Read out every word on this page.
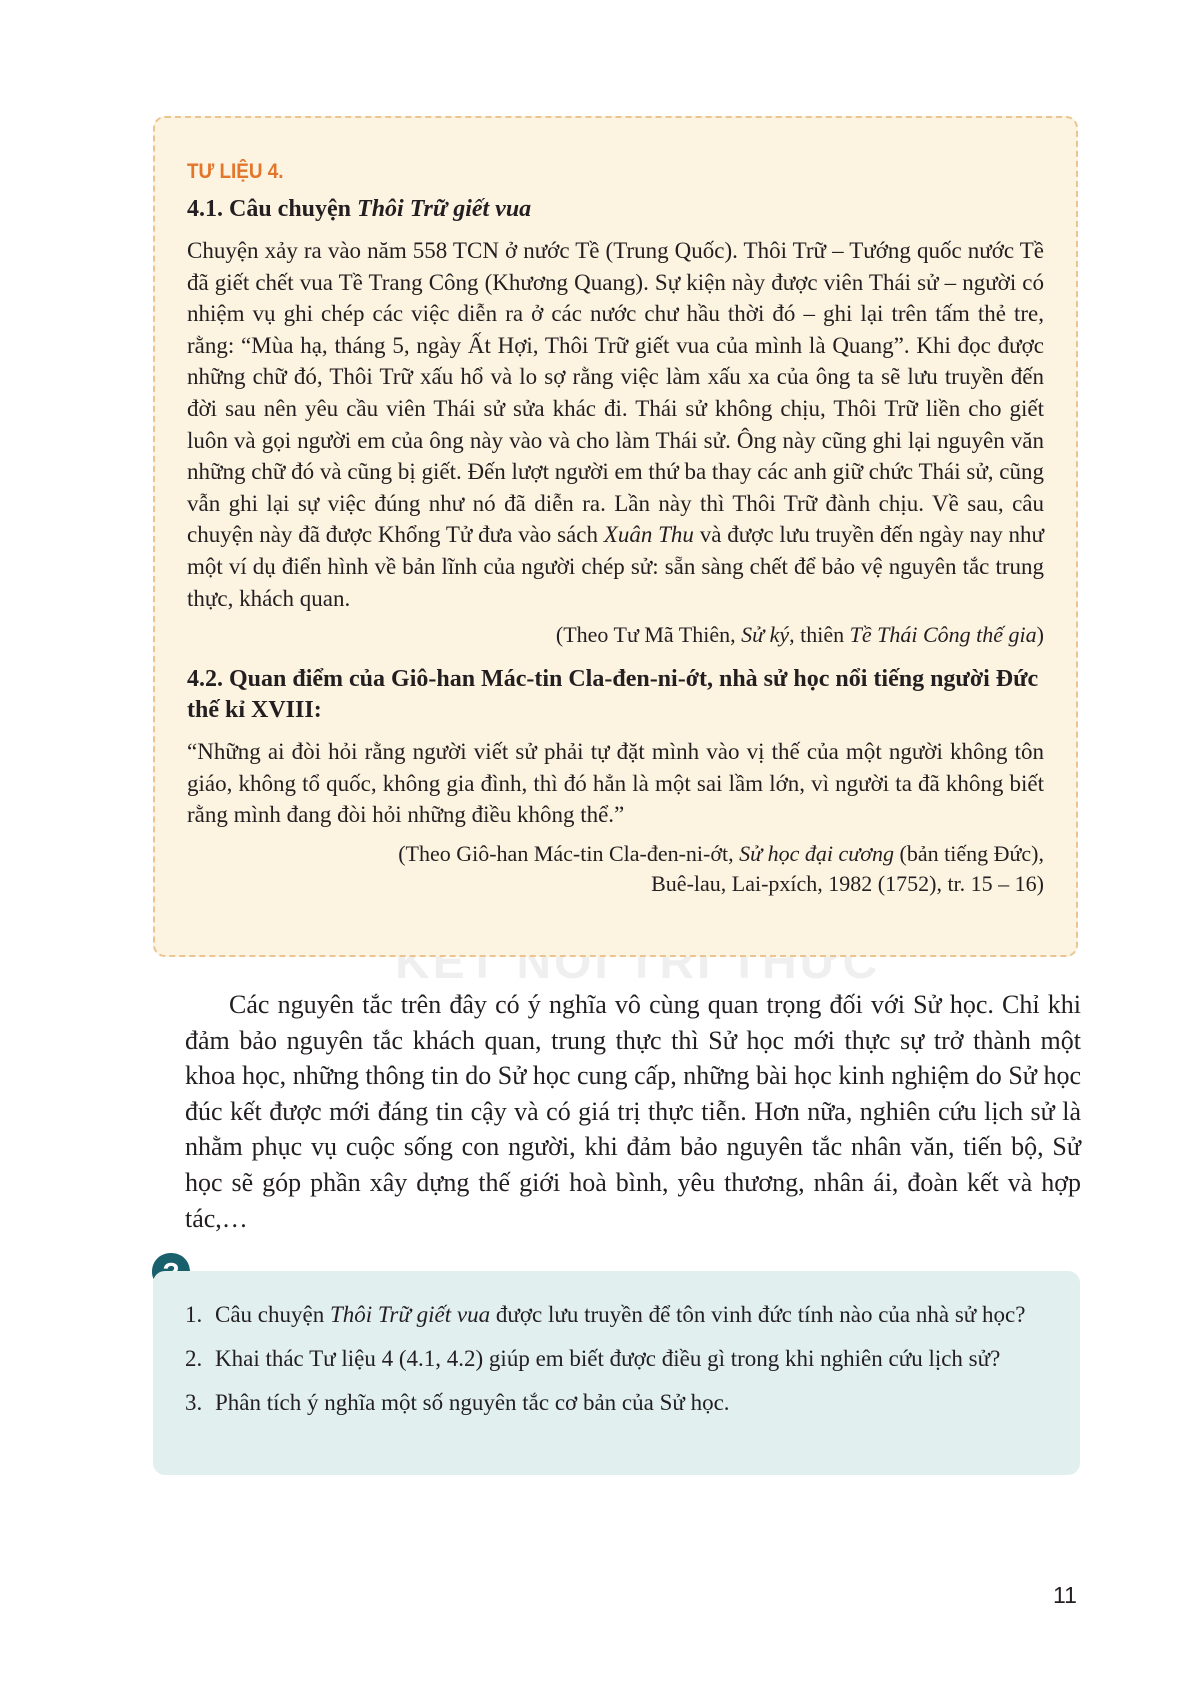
KẾT NỐI TRI THỨC
TƯ LIỆU 4.

4.1. Câu chuyện Thôi Trữ giết vua

Chuyện xảy ra vào năm 558 TCN ở nước Tề (Trung Quốc). Thôi Trữ – Tướng quốc nước Tề đã giết chết vua Tề Trang Công (Khương Quang). Sự kiện này được viên Thái sử – người có nhiệm vụ ghi chép các việc diễn ra ở các nước chư hầu thời đó – ghi lại trên tấm thẻ tre, rằng: “Mùa hạ, tháng 5, ngày Ất Hợi, Thôi Trữ giết vua của mình là Quang”. Khi đọc được những chữ đó, Thôi Trữ xấu hổ và lo sợ rằng việc làm xấu xa của ông ta sẽ lưu truyền đến đời sau nên yêu cầu viên Thái sử sửa khác đi. Thái sử không chịu, Thôi Trữ liền cho giết luôn và gọi người em của ông này vào và cho làm Thái sử. Ông này cũng ghi lại nguyên văn những chữ đó và cũng bị giết. Đến lượt người em thứ ba thay các anh giữ chức Thái sử, cũng vẫn ghi lại sự việc đúng như nó đã diễn ra. Lần này thì Thôi Trữ đành chịu. Về sau, câu chuyện này đã được Khổng Tử đưa vào sách Xuân Thu và được lưu truyền đến ngày nay như một ví dụ điển hình về bản lĩnh của người chép sử: sẵn sàng chết để bảo vệ nguyên tắc trung thực, khách quan.

(Theo Tư Mã Thiên, Sử ký, thiên Tề Thái Công thế gia)

4.2. Quan điểm của Giô-han Mác-tin Cla-đen-ni-ớt, nhà sử học nổi tiếng người Đức thế kỉ XVIII:

“Những ai đòi hỏi rằng người viết sử phải tự đặt mình vào vị thế của một người không tôn giáo, không tổ quốc, không gia đình, thì đó hẳn là một sai lầm lớn, vì người ta đã không biết rằng mình đang đòi hỏi những điều không thể.”

(Theo Giô-han Mác-tin Cla-đen-ni-ớt, Sử học đại cương (bản tiếng Đức),
Buê-lau, Lai-pxích, 1982 (1752), tr. 15 – 16)

Các nguyên tắc trên đây có ý nghĩa vô cùng quan trọng đối với Sử học. Chỉ khi đảm bảo nguyên tắc khách quan, trung thực thì Sử học mới thực sự trở thành một khoa học, những thông tin do Sử học cung cấp, những bài học kinh nghiệm do Sử học đúc kết được mới đáng tin cậy và có giá trị thực tiễn. Hơn nữa, nghiên cứu lịch sử là nhằm phục vụ cuộc sống con người, khi đảm bảo nguyên tắc nhân văn, tiến bộ, Sử học sẽ góp phần xây dựng thế giới hoà bình, yêu thương, nhân ái, đoàn kết và hợp tác,…

1. Câu chuyện Thôi Trữ giết vua được lưu truyền để tôn vinh đức tính nào của nhà sử học?
2. Khai thác Tư liệu 4 (4.1, 4.2) giúp em biết được điều gì trong khi nghiên cứu lịch sử?
3. Phân tích ý nghĩa một số nguyên tắc cơ bản của Sử học.
11
